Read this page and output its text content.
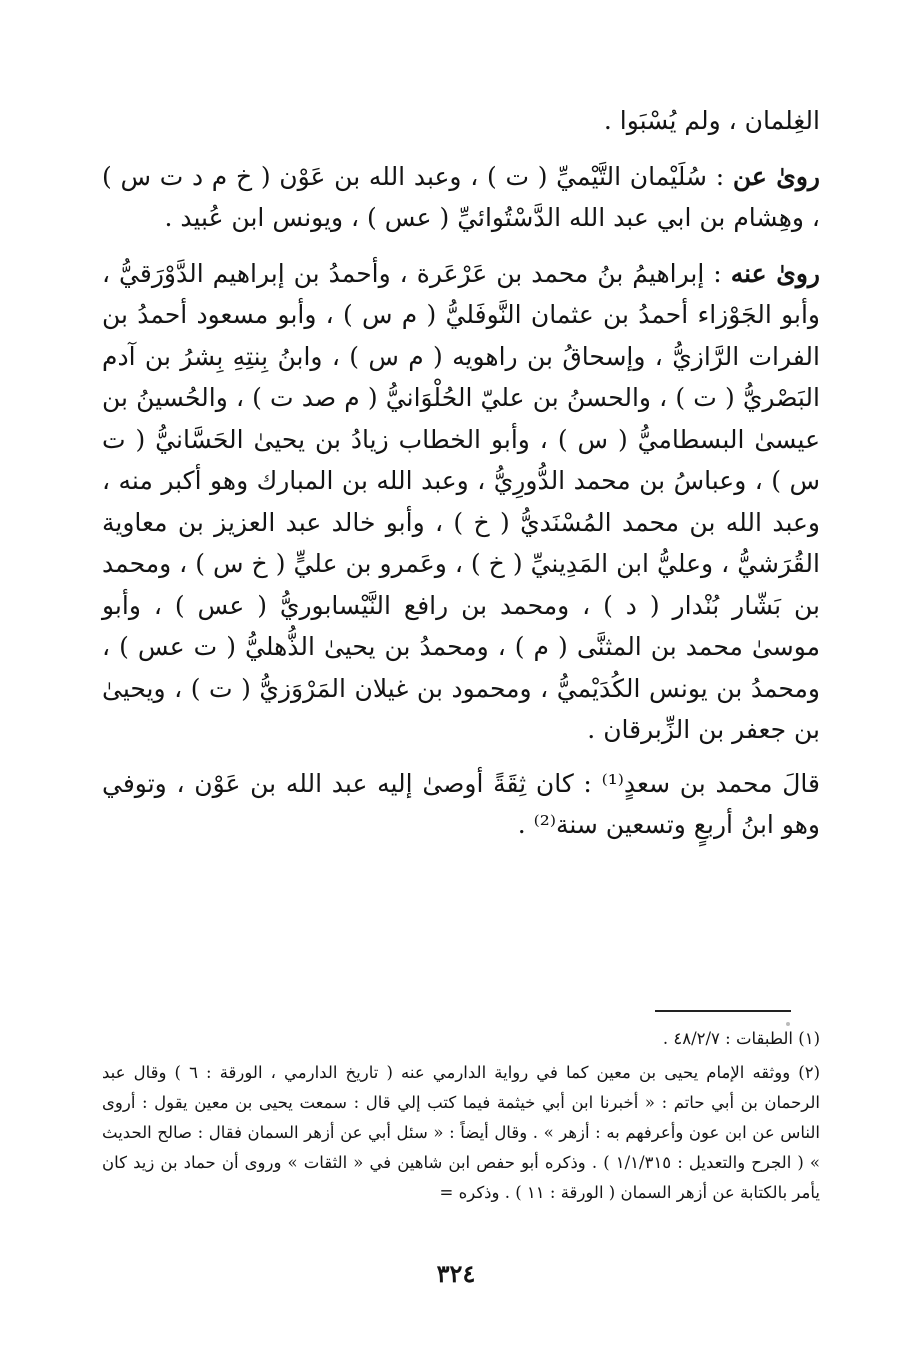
الغِلمان ، ولم يُسْبَوا .

روىٰ عن : سُلَيْمان التَّيْميِّ ( ت ) ، وعبد الله بن عَوْن ( خ م د ت س ) ، وهِشام بن ابي عبد الله الدَّسْتُوائيِّ ( عس ) ، ويونس ابن عُبيد .

روىٰ عنه : إبراهيمُ بنُ محمد بن عَرْعَرة ، وأحمدُ بن إبراهيم الدَّوْرَقيُّ ، وأبو الجَوْزاء أحمدُ بن عثمان النَّوفَليُّ ( م س ) ، وأبو مسعود أحمدُ بن الفرات الرَّازيُّ ، وإسحاقُ بن راهويه ( م س ) ، وابنُ بِنتِهِ بِشرُ بن آدم البَصْريُّ ( ت ) ، والحسنُ بن عليّ الحُلْوَانيُّ ( م صد ت ) ، والحُسينُ بن عيسىٰ البسطاميُّ ( س ) ، وأبو الخطاب زيادُ بن يحيىٰ الحَسَّانيُّ ( ت س ) ، وعباسُ بن محمد الدُّورِيُّ ، وعبد الله بن المبارك وهو أكبر منه ، وعبد الله بن محمد المُسْنَديُّ ( خ ) ، وأبو خالد عبد العزيز بن معاوية القُرَشيُّ ، وعليُّ ابن المَدِينيِّ ( خ ) ، وعَمرو بن عليٍّ ( خ س ) ، ومحمد بن بَشّار بُنْدار ( د ) ، ومحمد بن رافع النَّيْسابوريُّ ( عس ) ، وأبو موسىٰ محمد بن المثنَّى ( م ) ، ومحمدُ بن يحيىٰ الذُّهليُّ ( ت عس ) ، ومحمدُ بن يونس الكُدَيْميُّ ، ومحمود بن غيلان المَرْوَزيُّ ( ت ) ، ويحيىٰ بن جعفر بن الزِّبرقان .

قالَ محمد بن سعدٍ⁽¹⁾ : كان ثِقَةً أوصىٰ إليه عبد الله بن عَوْن ، وتوفي وهو ابنُ أربعٍ وتسعين سنة⁽²⁾ .

(١) الطبقات : ٤٨/٢/٧ .

(٢) ووثقه الإمام يحيى بن معين كما في رواية الدارمي عنه ( تاريخ الدارمي ، الورقة : ٦ ) وقال عبد الرحمان بن أبي حاتم : « أخبرنا ابن أبي خيثمة فيما كتب إلي قال : سمعت يحيى بن معين يقول : أروى الناس عن ابن عون وأعرفهم به : أزهر » . وقال أيضاً : « سئل أبي عن أزهر السمان فقال : صالح الحديث » ( الجرح والتعديل : ١/١/٣١٥ ) . وذكره أبو حفص ابن شاهين في « الثقات » وروى أن حماد بن زيد كان يأمر بالكتابة عن أزهر السمان ( الورقة : ١١ ) . وذكره =

٣٢٤
